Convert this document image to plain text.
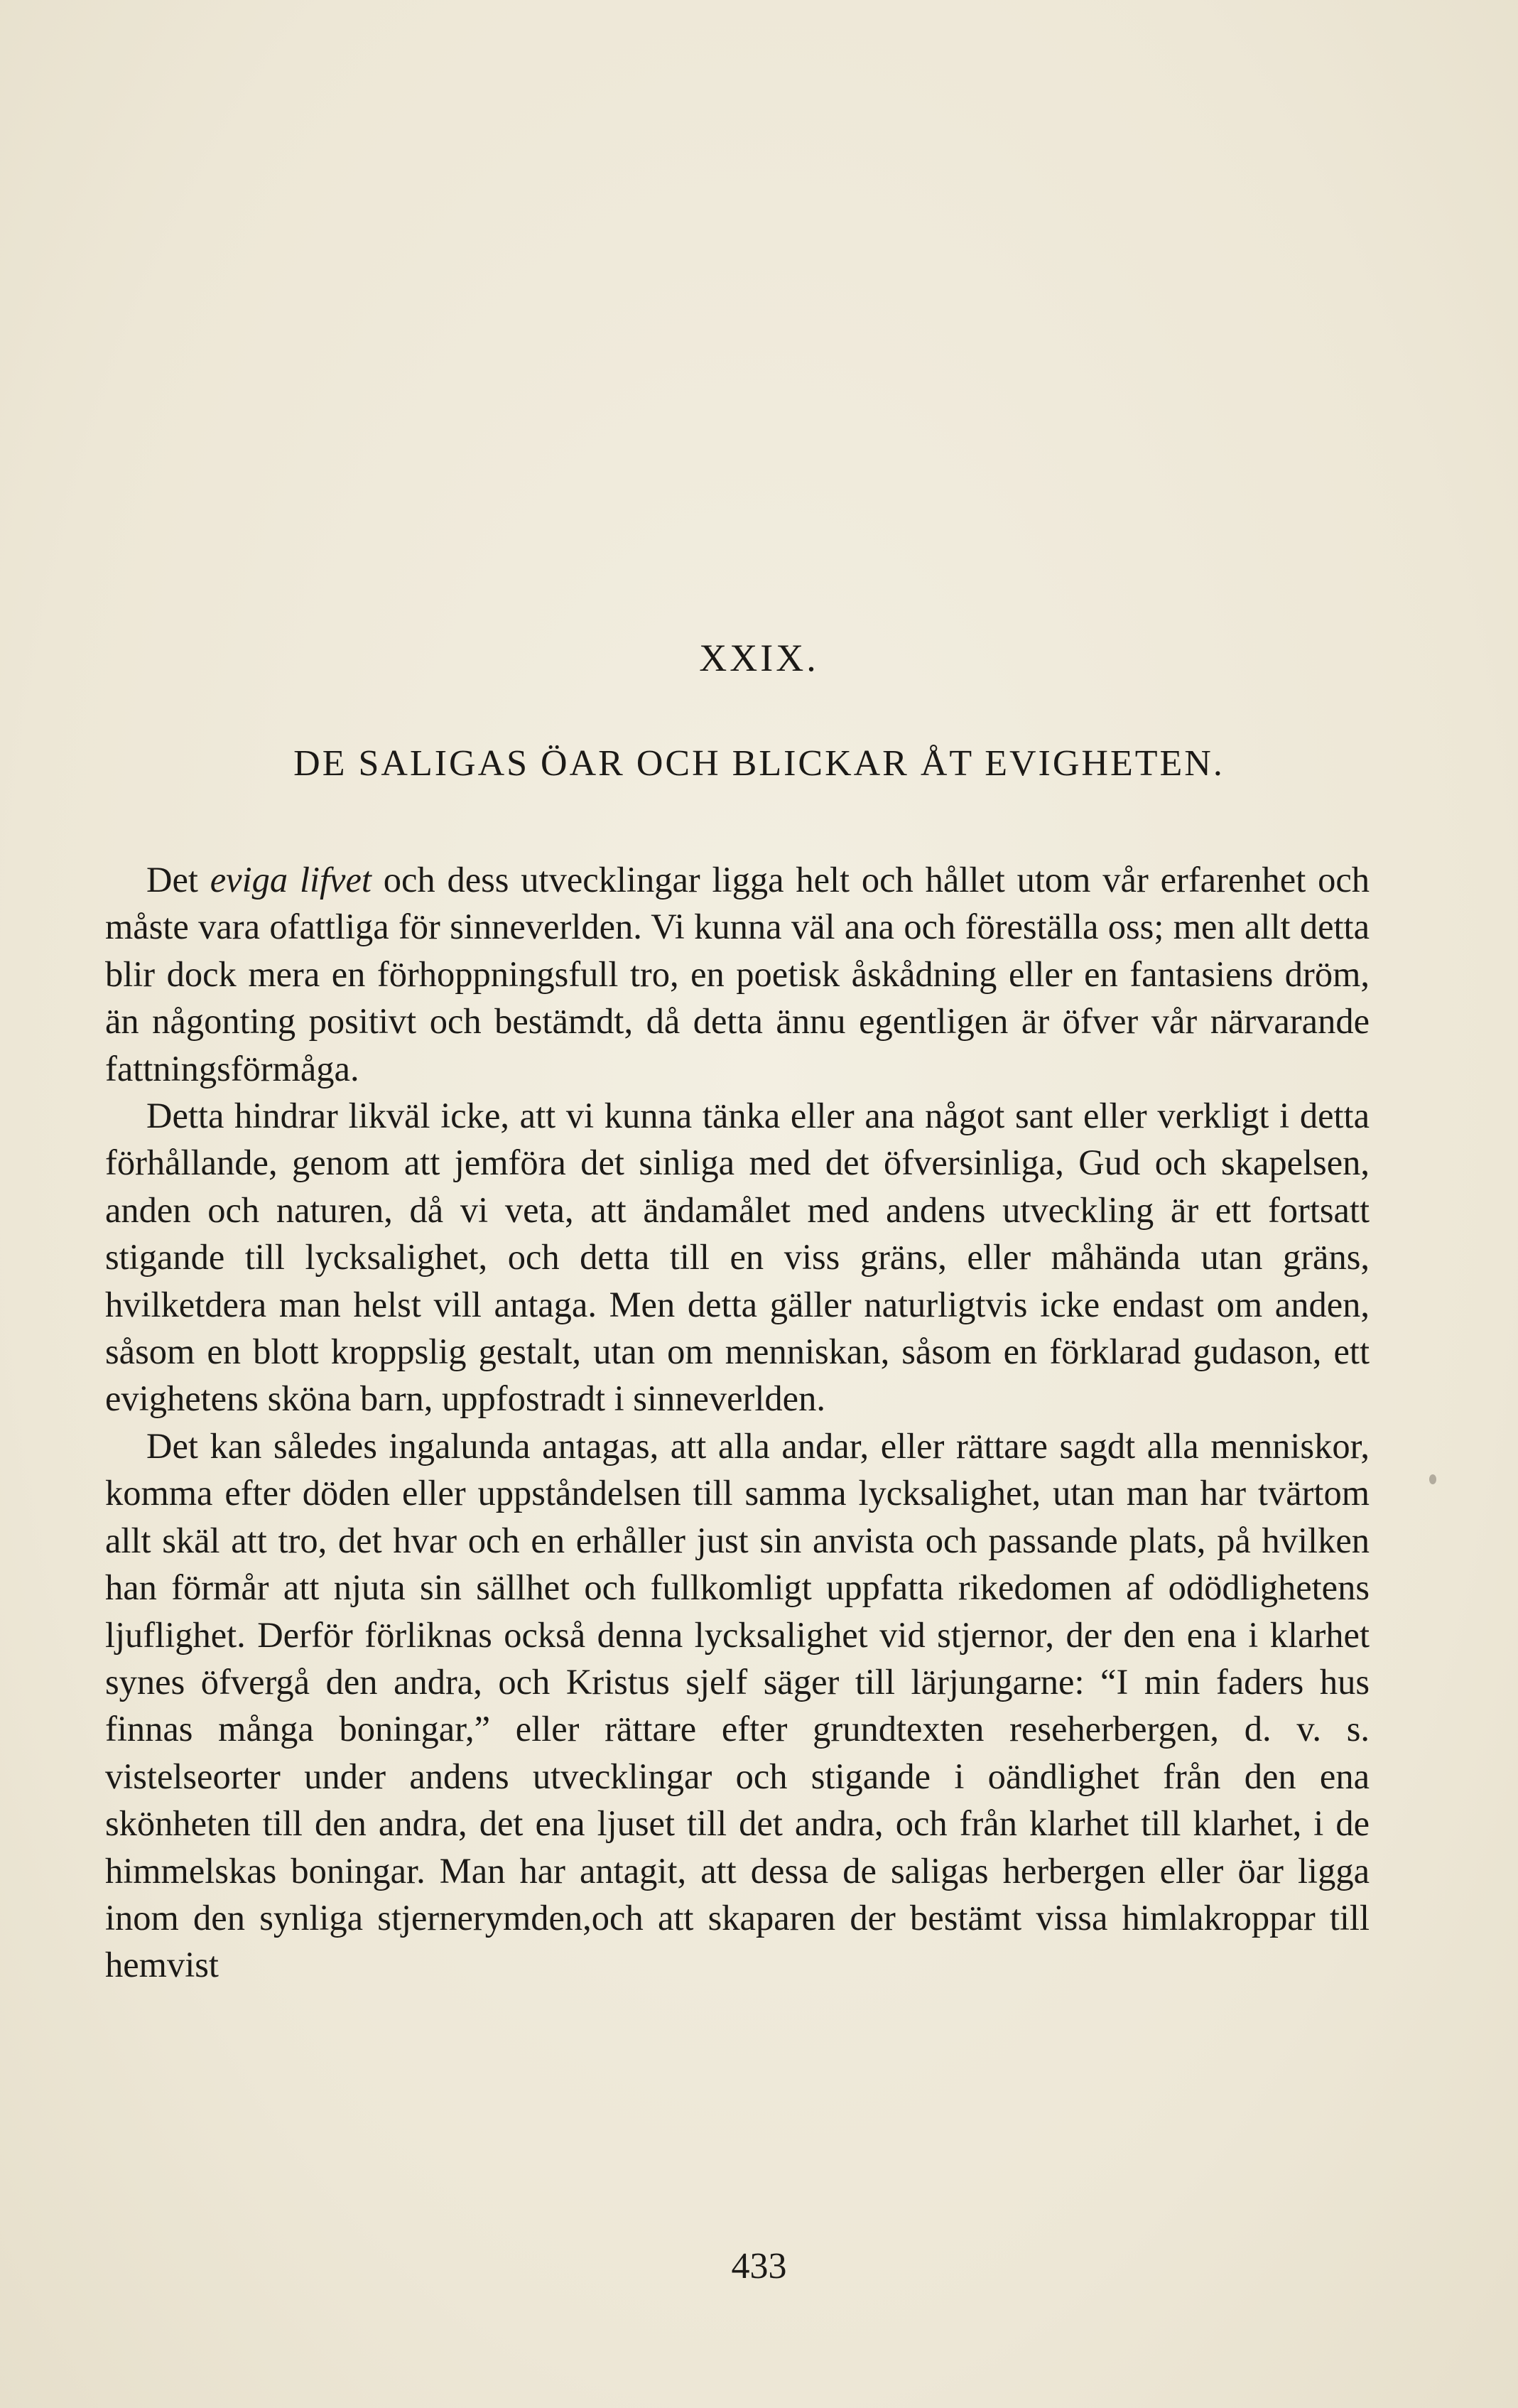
XXIX.
DE SALIGAS ÖAR OCH BLICKAR ÅT EVIGHETEN.

Det eviga lifvet och dess utvecklingar ligga helt och hållet utom vår erfarenhet och måste vara ofattliga för sinneverlden. Vi kunna väl ana och föreställa oss; men allt detta blir dock mera en förhoppningsfull tro, en poetisk åskådning eller en fantasiens dröm, än någonting positivt och bestämdt, då detta ännu egentligen är öfver vår närvarande fattningsförmåga.

Detta hindrar likväl icke, att vi kunna tänka eller ana något sant eller verkligt i detta förhållande, genom att jemföra det sinliga med det öfversinliga, Gud och skapelsen, anden och naturen, då vi veta, att ändamålet med andens utveckling är ett fortsatt stigande till lycksalighet, och detta till en viss gräns, eller måhända utan gräns, hvilketdera man helst vill antaga. Men detta gäller naturligtvis icke endast om anden, såsom en blott kroppslig gestalt, utan om menniskan, såsom en förklarad gudason, ett evighetens sköna barn, uppfostradt i sinneverlden.

Det kan således ingalunda antagas, att alla andar, eller rättare sagdt alla menniskor, komma efter döden eller uppståndelsen till samma lycksalighet, utan man har tvärtom allt skäl att tro, det hvar och en erhåller just sin anvista och passande plats, på hvilken han förmår att njuta sin sällhet och fullkomligt uppfatta rikedomen af odödlighetens ljuflighet. Derför förliknas också denna lycksalighet vid stjernor, der den ena i klarhet synes öfvergå den andra, och Kristus sjelf säger till lärjungarne: “I min faders hus finnas många boningar,” eller rättare efter grundtexten reseherbergen, d. v. s. vistelseorter under andens utvecklingar och stigande i oändlighet från den ena skönheten till den andra, det ena ljuset till det andra, och från klarhet till klarhet, i de himmelskas boningar. Man har antagit, att dessa de saligas herbergen eller öar ligga inom den synliga stjernerymden,och att skaparen der bestämt vissa himlakroppar till hemvist

433
